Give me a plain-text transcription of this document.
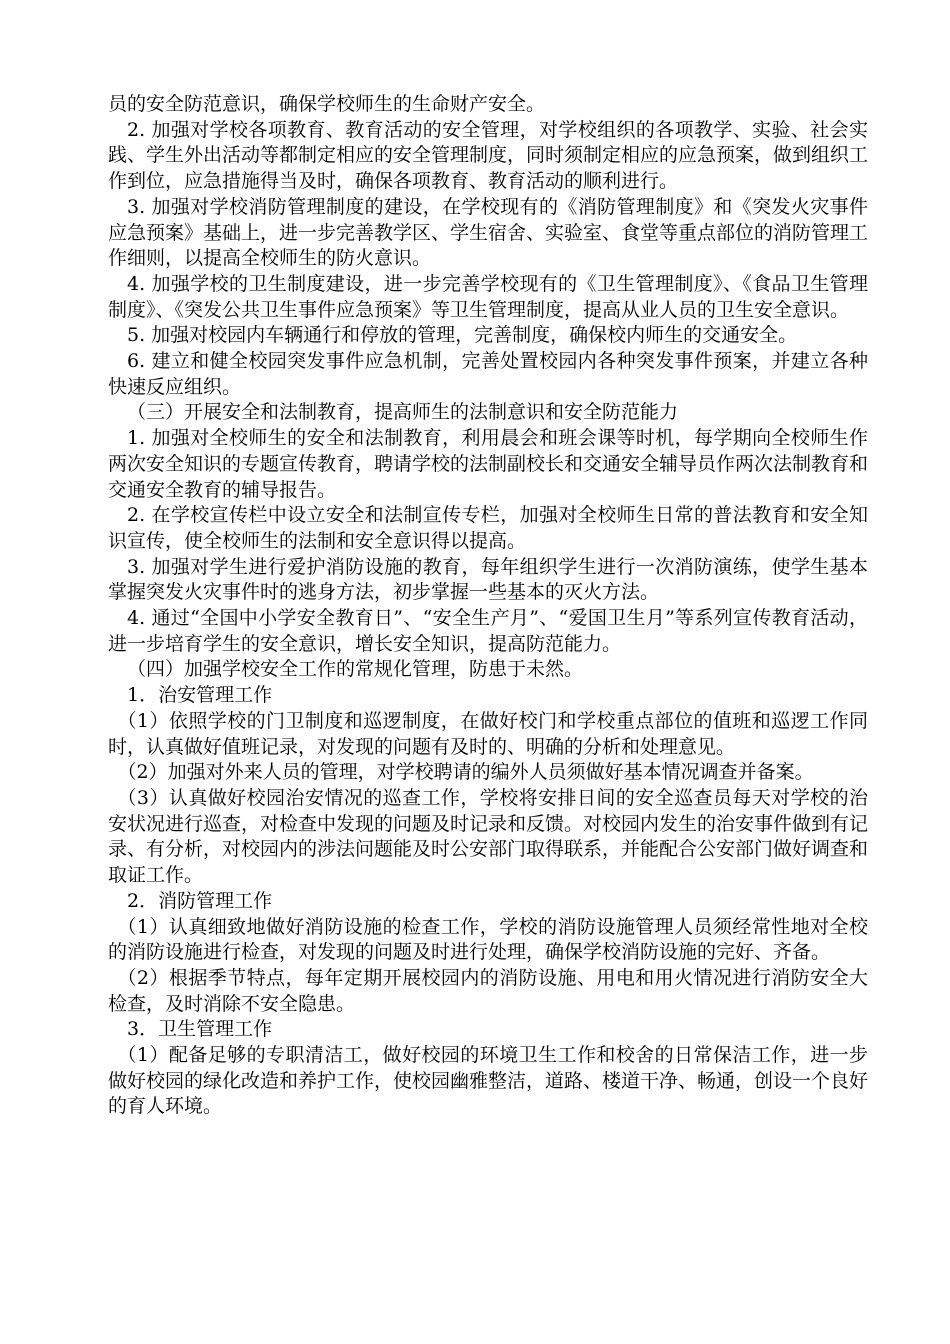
员的安全防范意识，确保学校师生的生命财产安全。

2. 加强对学校各项教育、教育活动的安全管理，对学校组织的各项教学、实验、社会实践、学生外出活动等都制定相应的安全管理制度，同时须制定相应的应急预案，做到组织工作到位，应急措施得当及时，确保各项教育、教育活动的顺利进行。

3. 加强对学校消防管理制度的建设，在学校现有的《消防管理制度》和《突发火灾事件应急预案》基础上，进一步完善教学区、学生宿舍、实验室、食堂等重点部位的消防管理工作细则，以提高全校师生的防火意识。

4. 加强学校的卫生制度建设，进一步完善学校现有的《卫生管理制度》、《食品卫生管理制度》、《突发公共卫生事件应急预案》等卫生管理制度，提高从业人员的卫生安全意识。

5. 加强对校园内车辆通行和停放的管理，完善制度，确保校内师生的交通安全。

6. 建立和健全校园突发事件应急机制，完善处置校园内各种突发事件预案，并建立各种快速反应组织。

（三）开展安全和法制教育，提高师生的法制意识和安全防范能力

1. 加强对全校师生的安全和法制教育，利用晨会和班会课等时机，每学期向全校师生作两次安全知识的专题宣传教育，聘请学校的法制副校长和交通安全辅导员作两次法制教育和交通安全教育的辅导报告。

2. 在学校宣传栏中设立安全和法制宣传专栏，加强对全校师生日常的普法教育和安全知识宣传，使全校师生的法制和安全意识得以提高。

3. 加强对学生进行爱护消防设施的教育，每年组织学生进行一次消防演练，使学生基本掌握突发火灾事件时的逃身方法，初步掌握一些基本的灭火方法。

4. 通过“全国中小学安全教育日”、“安全生产月”、“爱国卫生月”等系列宣传教育活动，进一步培育学生的安全意识，增长安全知识，提高防范能力。

（四）加强学校安全工作的常规化管理，防患于未然。

1．治安管理工作

（1）依照学校的门卫制度和巡逻制度，在做好校门和学校重点部位的值班和巡逻工作同时，认真做好值班记录，对发现的问题有及时的、明确的分析和处理意见。

（2）加强对外来人员的管理，对学校聘请的编外人员须做好基本情况调查并备案。

（3）认真做好校园治安情况的巡查工作，学校将安排日间的安全巡查员每天对学校的治安状况进行巡查，对检查中发现的问题及时记录和反馈。对校园内发生的治安事件做到有记录、有分析，对校园内的涉法问题能及时公安部门取得联系，并能配合公安部门做好调查和取证工作。

2．消防管理工作

（1）认真细致地做好消防设施的检查工作，学校的消防设施管理人员须经常性地对全校的消防设施进行检查，对发现的问题及时进行处理，确保学校消防设施的完好、齐备。

（2）根据季节特点，每年定期开展校园内的消防设施、用电和用火情况进行消防安全大检查，及时消除不安全隐患。

3．卫生管理工作

（1）配备足够的专职清洁工，做好校园的环境卫生工作和校舍的日常保洁工作，进一步做好校园的绿化改造和养护工作，使校园幽雅整洁，道路、楼道干净、畅通，创设一个良好的育人环境。
